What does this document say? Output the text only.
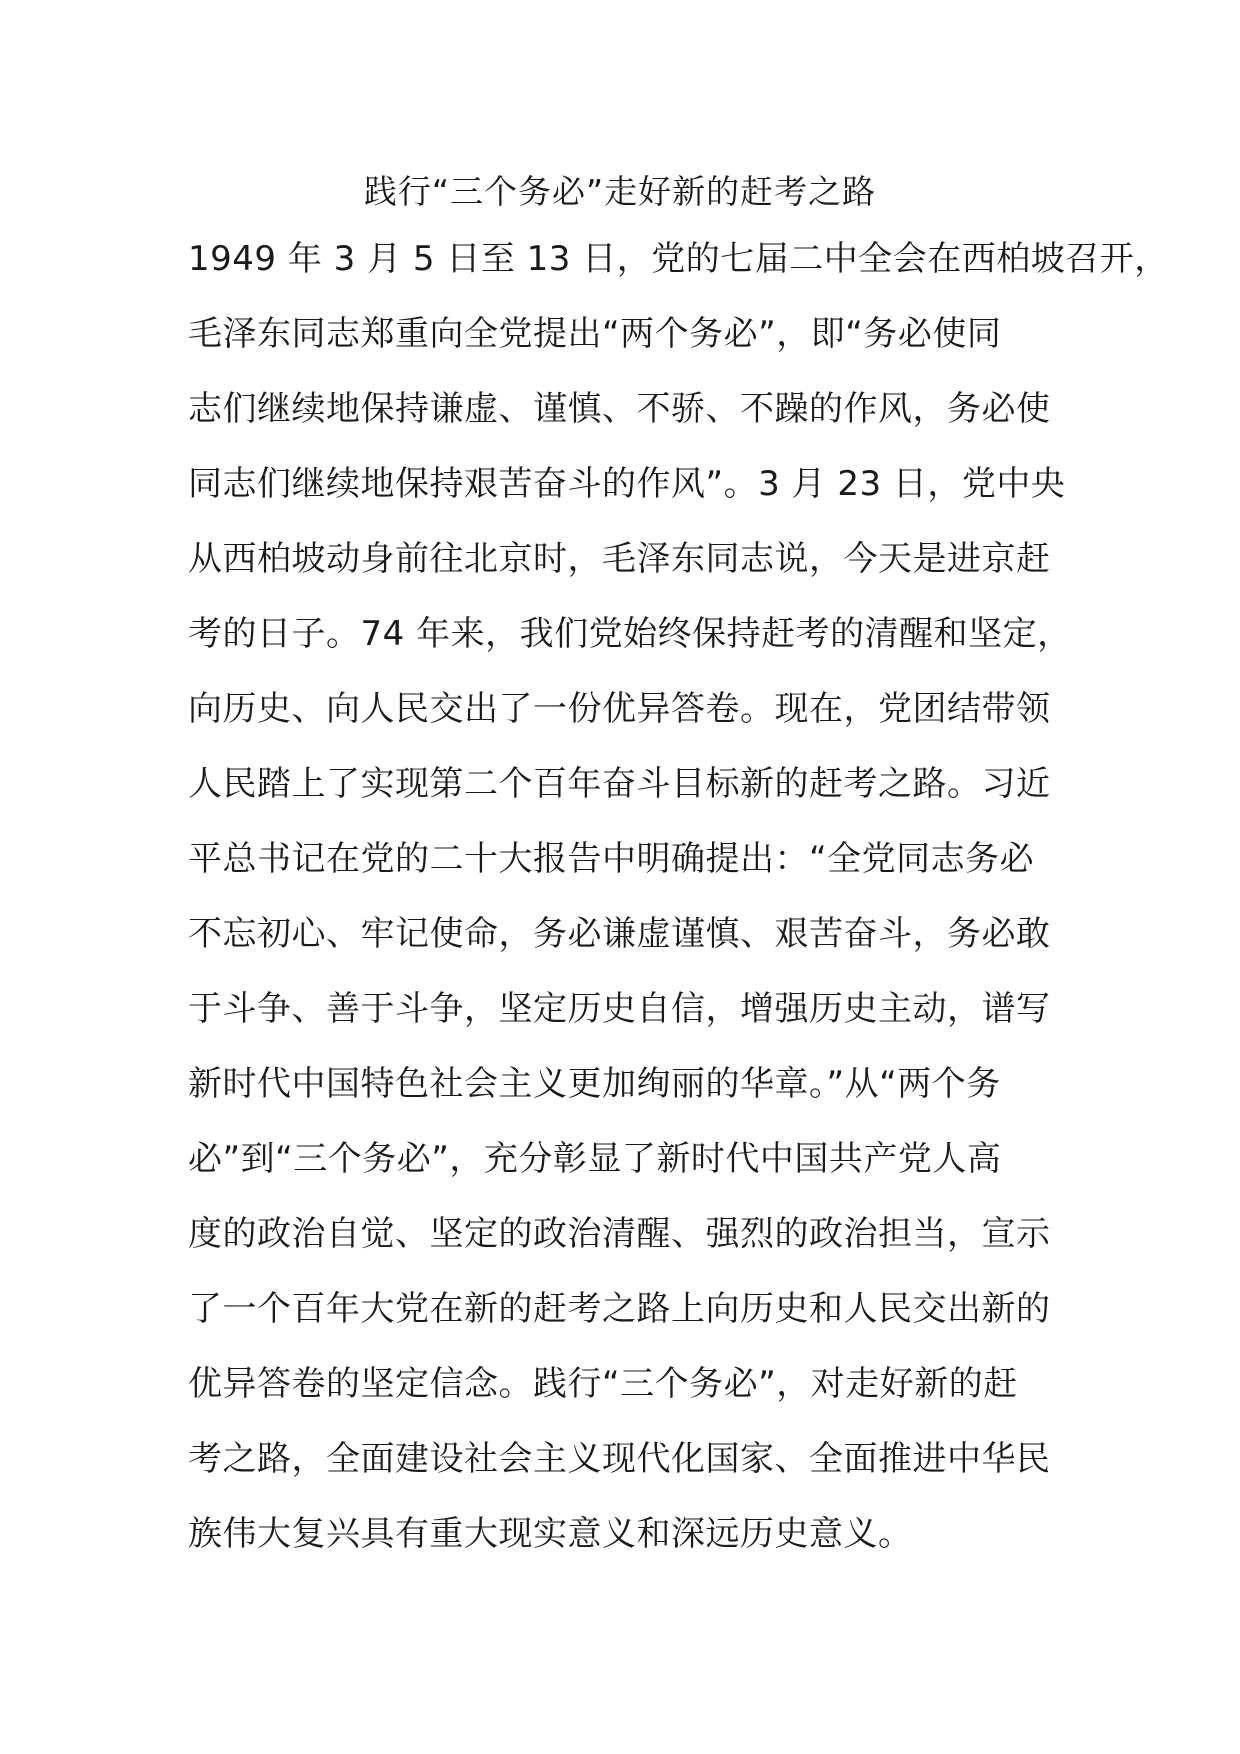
践行“三个务必”走好新的赶考之路
1949 年 3 月 5 日至 13 日，党的七届二中全会在西柏坡召开，
毛泽东同志郑重向全党提出“两个务必”，即“务必使同
志们继续地保持谦虚、谨慎、不骄、不躁的作风，务必使
同志们继续地保持艰苦奋斗的作风”。3 月 23 日，党中央
从西柏坡动身前往北京时，毛泽东同志说，今天是进京赶
考的日子。74 年来，我们党始终保持赶考的清醒和坚定，
向历史、向人民交出了一份优异答卷。现在，党团结带领
人民踏上了实现第二个百年奋斗目标新的赶考之路。习近
平总书记在党的二十大报告中明确提出：“全党同志务必
不忘初心、牢记使命，务必谦虚谨慎、艰苦奋斗，务必敢
于斗争、善于斗争，坚定历史自信，增强历史主动，谱写
新时代中国特色社会主义更加绚丽的华章。”从“两个务
必”到“三个务必”，充分彰显了新时代中国共产党人高
度的政治自觉、坚定的政治清醒、强烈的政治担当，宣示
了一个百年大党在新的赶考之路上向历史和人民交出新的
优异答卷的坚定信念。践行“三个务必”，对走好新的赶
考之路，全面建设社会主义现代化国家、全面推进中华民
族伟大复兴具有重大现实意义和深远历史意义。
